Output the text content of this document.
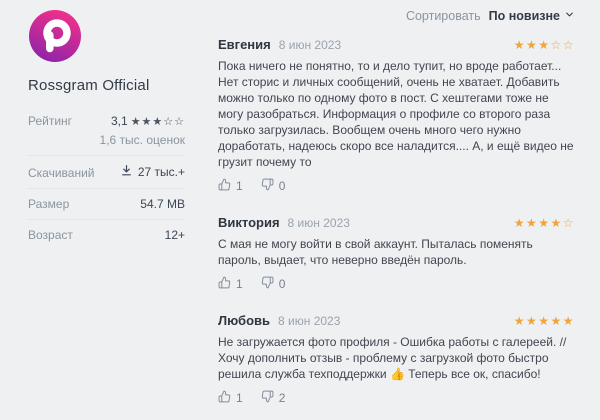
Rossgram Official
Рейтинг	3,1 ★★★☆☆
1,6 тыс. оценок
Скачиваний	27 тыс.+
Размер	54.7 MB
Возраст	12+
Сортировать По новизне
Евгения 8 июн 2023	★★★☆☆

Пока ничего не понятно, то и дело тупит, но вроде работает... Нет сторис и личных сообщений, очень не хватает. Добавить можно только по одному фото в пост. С хештегами тоже не могу разобраться. Информация о профиле со второго раза только загрузилась. Вообщем очень много чего нужно доработать, надеюсь скоро все наладится.... А, и ещё видео не грузит почему то

1	0
Виктория 8 июн 2023	★★★★☆

С мая не могу войти в свой аккаунт. Пыталась поменять пароль, выдает, что неверно введён пароль.

1	0
Любовь 8 июн 2023	★★★★★

Не загружается фото профиля - Ошибка работы с галереей. // Хочу дополнить отзыв - проблему с загрузкой фото быстро решила служба техподдержки 👍 Теперь все ок, спасибо!

1	2
